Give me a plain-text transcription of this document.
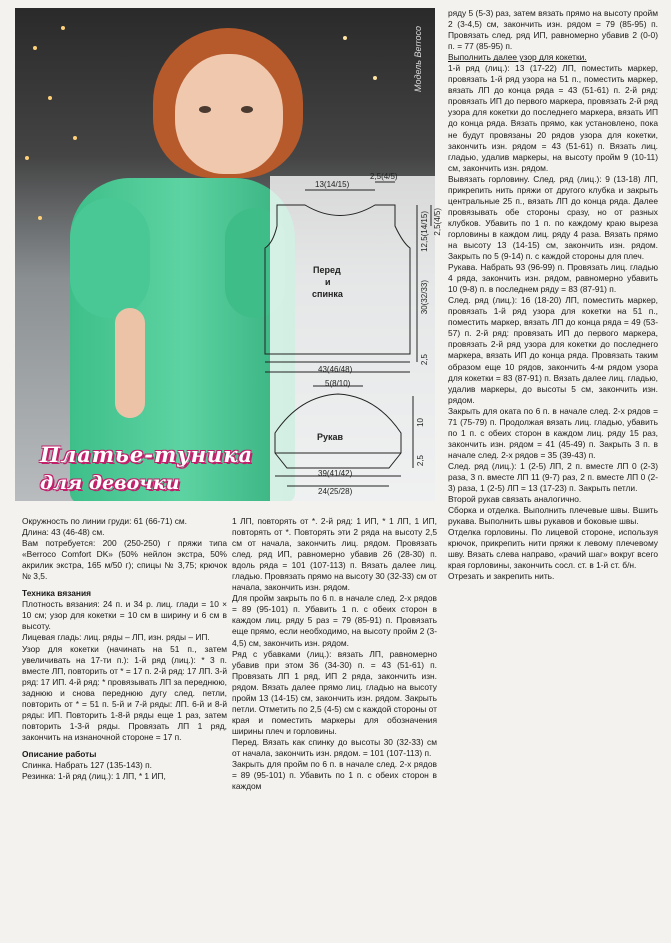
Модель Berroco
Платье-туника
для девочки
13(14/15)
2,5(4/5)
12,5(14/15) 2,5(4/5)
30(32/33)
2,5
Перед
и
спинка
43(46/48)
5(8/10)
Рукав
10
2,5
39(41/42)
24(25/28)

ряду 5 (5-3) раз, затем вязать прямо на высоту пройм 2 (3-4,5) см, закончить изн. рядом = 79 (85-95) п. Провязать след. ряд ИП, равномерно убавив 2 (0-0) п. = 77 (85-95) п.

Выполнить далее узор для кокетки.

1-й ряд (лиц.): 13 (17-22) ЛП, поместить маркер, провязать 1-й ряд узора на 51 п., поместить маркер, вязать ЛП до конца ряда = 43 (51-61) п. 2-й ряд: провязать ИП до первого маркера, провязать 2-й ряд узора для кокетки до последнего маркера, вязать ИП до конца ряда. Вязать прямо, как установлено, пока не будут провязаны 20 рядов узора для кокетки, закончить изн. рядом = 43 (51-61) п. Вязать лиц. гладью, удалив маркеры, на высоту пройм 9 (10-11) см, закончить изн. рядом.

Вывязать горловину. След. ряд (лиц.): 9 (13-18) ЛП, прикрепить нить пряжи от другого клубка и закрыть центральные 25 п., вязать ЛП до конца ряда. Далее провязывать обе стороны сразу, но от разных клубков. Убавить по 1 п. по каждому краю выреза горловины в каждом лиц. ряду 4 раза. Вязать прямо на высоту 13 (14-15) см, закончить изн. рядом. Закрыть по 5 (9-14) п. с каждой стороны для плеч.

Рукава. Набрать 93 (96-99) п. Провязать лиц. гладью 4 ряда, закончить изн. рядом, равномерно убавить 10 (9-8) п. в последнем ряду = 83 (87-91) п.

След. ряд (лиц.): 16 (18-20) ЛП, поместить маркер, провязать 1-й ряд узора для кокетки на 51 п., поместить маркер, вязать ЛП до конца ряда = 49 (53-57) п. 2-й ряд: провязать ИП до первого маркера, провязать 2-й ряд узора для кокетки до последнего маркера, вязать ИП до конца ряда. Провязать таким образом еще 10 рядов, закончить 4-м рядом узора для кокетки = 83 (87-91) п. Вязать далее лиц. гладью, удалив маркеры, до высоты 5 см, закончить изн. рядом.

Закрыть для оката по 6 п. в начале след. 2-х рядов = 71 (75-79) п. Продолжая вязать лиц. гладью, убавить по 1 п. с обеих сторон в каждом лиц. ряду 15 раз, закончить изн. рядом = 41 (45-49) п. Закрыть 3 п. в начале след. 2-х рядов = 35 (39-43) п.

След. ряд (лиц.): 1 (2-5) ЛП, 2 п. вместе ЛП 0 (2-3) раза, 3 п. вместе ЛП 11 (9-7) раз, 2 п. вместе ЛП 0 (2-3) раза, 1 (2-5) ЛП = 13 (17-23) п. Закрыть петли.

Второй рукав связать аналогично.

Сборка и отделка. Выполнить плечевые швы. Вшить рукава. Выполнить швы рукавов и боковые швы.

Отделка горловины. По лицевой стороне, используя крючок, прикрепить нити пряжи к левому плечевому шву. Вязать слева направо, «рачий шаг» вокруг всего края горловины, закончить сосл. ст. в 1-й ст. б/н.

Отрезать и закрепить нить.

Окружность по линии груди: 61 (66-71) см.

Длина: 43 (46-48) см.

Вам потребуется: 200 (250-250) г пряжи типа «Berroco Comfort DK» (50% нейлон экстра, 50% акрилик экстра, 165 м/50 г); спицы № 3,75; крючок № 3,5.

Техника вязания

Плотность вязания: 24 п. и 34 р. лиц. глади = 10 × 10 см; узор для кокетки = 10 см в ширину и 6 см в высоту.

Лицевая гладь: лиц. ряды – ЛП, изн. ряды – ИП.

Узор для кокетки (начинать на 51 п., затем увеличивать на 17-ти п.): 1-й ряд (лиц.): * 3 п. вместе ЛП, повторить от * = 17 п. 2-й ряд: 17 ЛП. 3-й ряд: 17 ИП. 4-й ряд: * провязывать ЛП за переднюю, заднюю и снова переднюю дугу след. петли, повторить от * = 51 п. 5-й и 7-й ряды: ЛП. 6-й и 8-й ряды: ИП. Повторить 1-8-й ряды еще 1 раз, затем повторить 1-3-й ряды. Провязать ЛП 1 ряд, закончить на изнаночной стороне = 17 п.

Описание работы

Спинка. Набрать 127 (135-143) п.

Резинка: 1-й ряд (лиц.): 1 ЛП, * 1 ИП,

1 ЛП, повторять от *. 2-й ряд: 1 ИП, * 1 ЛП, 1 ИП, повторять от *. Повторять эти 2 ряда на высоту 2,5 см от начала, закончить лиц. рядом. Провязать след. ряд ИП, равномерно убавив 26 (28-30) п. вдоль ряда = 101 (107-113) п. Вязать далее лиц. гладью. Провязать прямо на высоту 30 (32-33) см от начала, закончить изн. рядом.

Для пройм закрыть по 6 п. в начале след. 2-х рядов = 89 (95-101) п. Убавить 1 п. с обеих сторон в каждом лиц. ряду 5 раз = 79 (85-91) п. Провязать еще прямо, если необходимо, на высоту пройм 2 (3-4,5) см, закончить изн. рядом.

Ряд с убавками (лиц.): вязать ЛП, равномерно убавив при этом 36 (34-30) п. = 43 (51-61) п. Провязать ЛП 1 ряд, ИП 2 ряда, закончить изн. рядом. Вязать далее прямо лиц. гладью на высоту пройм 13 (14-15) см, закончить изн. рядом. Закрыть петли. Отметить по 2,5 (4-5) см с каждой стороны от края и поместить маркеры для обозначения ширины плеч и горловины.

Перед. Вязать как спинку до высоты 30 (32-33) см от начала, закончить изн. рядом. = 101 (107-113) п.

Закрыть для пройм по 6 п. в начале след. 2-х рядов = 89 (95-101) п. Убавить по 1 п. с обеих сторон в каждом
